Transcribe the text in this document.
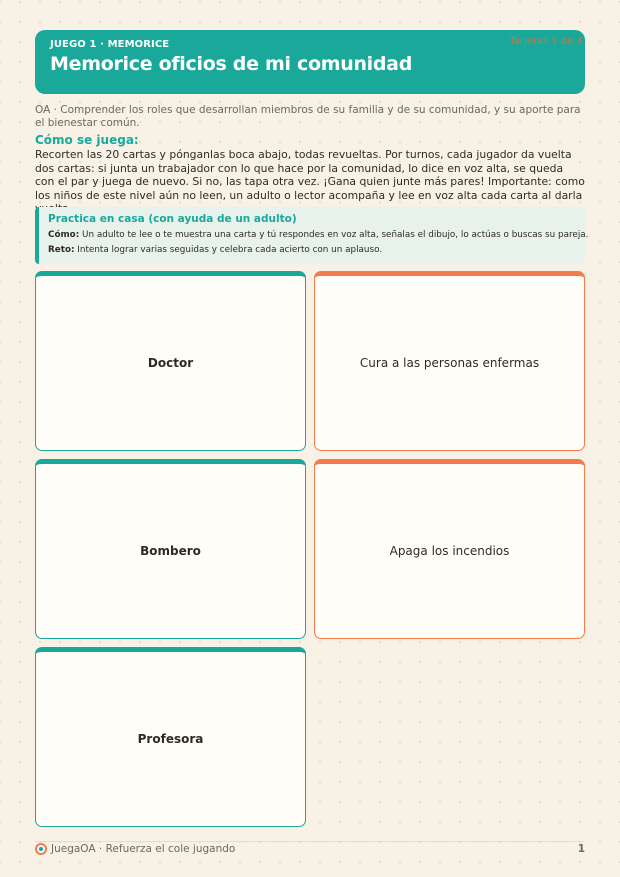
JUEGO 1 · MEMORICE
Memorice oficios de mi comunidad
Tarjetas 1 de 4
OA · Comprender los roles que desarrollan miembros de su familia y de su comunidad, y su aporte para el bienestar común.
Cómo se juega:
Recorten las 20 cartas y pónganlas boca abajo, todas revueltas. Por turnos, cada jugador da vuelta dos cartas: si junta un trabajador con lo que hace por la comunidad, lo dice en voz alta, se queda con el par y juega de nuevo. Si no, las tapa otra vez. ¡Gana quien junte más pares! Importante: como los niños de este nivel aún no leen, un adulto o lector acompaña y lee en voz alta cada carta al darla
Practica en casa (con ayuda de un adulto)
Cómo: Un adulto te lee o te muestra una carta y tú respondes en voz alta, señalas el dibujo, lo actúas o buscas su pareja.
Reto: Intenta lograr varias seguidas y celebra cada acierto con un aplauso.
Doctor	Cura a las personas enfermas
Bombero	Apaga los incendios
Profesora
JuegaOA · Refuerza el cole jugando	1
